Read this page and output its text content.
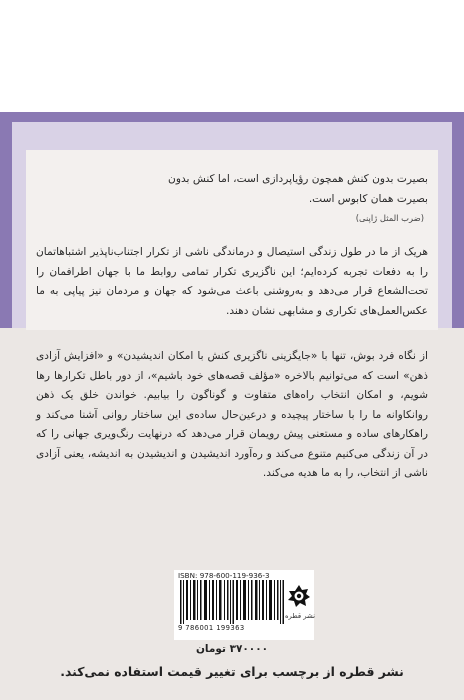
بصیرت بدون کنش همچون رؤیاپردازی است، اما کنش بدون
بصیرت همان کابوس است.
(ضرب المثل ژاپنی)
هریک از ما در طول زندگی استیصال و درماندگی ناشی از تکرار اجتناب‌ناپذیر اشتباهاتمان را به دفعات تجربه کرده‌ایم؛ این ناگزیری تکرار تمامی روابط ما با جهان اطرافمان را تحت‌الشعاع قرار می‌دهد و به‌روشنی باعث می‌شود که جهان و مردمان نیز پیاپی به ما عکس‌العمل‌های تکراری و مشابهی نشان دهند.
از نگاه فرد بوش، تنها با «جایگزینی ناگزیری کنش با امکان اندیشیدن» و «افزایش آزادی ذهن» است که می‌توانیم بالاخره «مؤلف قصه‌های خود باشیم»، از دور باطل تکرارها رها شویم، و امکان انتخاب راه‌های متفاوت و گوناگون را بیابیم. خواندن خلق یک ذهن روانکاوانه ما را با ساختار پیچیده و درعین‌حال ساده‌ی این ساختار روانی آشنا می‌کند و راهکارهای ساده و مستعنی پیش رویمان قرار می‌دهد که درنهایت رنگ‌ویری جهانی را که در آن زندگی می‌کنیم متنوع می‌کند و ره‌آورد اندیشیدن و اندیشیدن به اندیشه، یعنی آزادی ناشی از انتخاب، را به ما هدیه می‌کند.
ISBN: 978-600-119-936-3
9 786001 199363
نشر قطره
۳۷۰۰۰۰ تومان
نشر قطره از برچسب برای تغییر قیمت استفاده نمی‌کند.
